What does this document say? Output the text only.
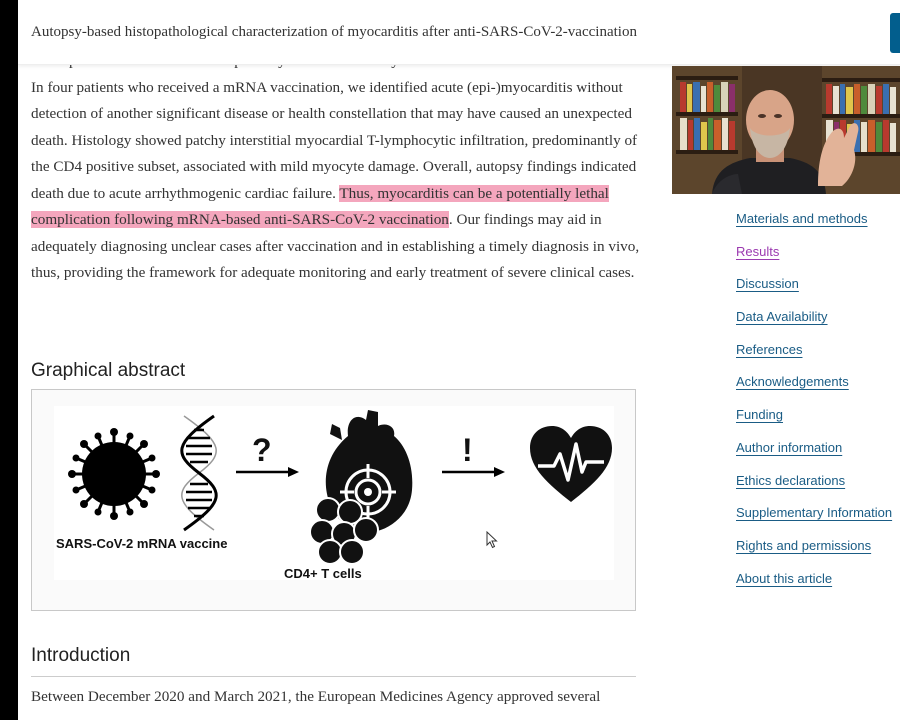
Autopsy-based histopathological characterization of myocarditis after anti-SARS-CoV-2-vaccination

In four patients who received a mRNA vaccination, we identified acute (epi-)myocarditis without detection of another significant disease or health constellation that may have caused an unexpected death. Histology showed patchy interstitial myocardial T-lymphocytic infiltration, predominantly of the CD4 positive subset, associated with mild myocyte damage. Overall, autopsy findings indicated death due to acute arrhythmogenic cardiac failure. Thus, myocarditis can be a potentially lethal complication following mRNA-based anti-SARS-CoV-2 vaccination. Our findings may aid in adequately diagnosing unclear cases after vaccination and in establishing a timely diagnosis in vivo, thus, providing the framework for adequate monitoring and early treatment of severe clinical cases.

Graphical abstract
SARS-CoV-2 mRNA vaccine
?
CD4+ T cells
!
Introduction

Between December 2020 and March 2021, the European Medicines Agency approved several

Materials and methods
Results
Discussion
Data Availability
References
Acknowledgements
Funding
Author information
Ethics declarations
Supplementary Information
Rights and permissions
About this article
